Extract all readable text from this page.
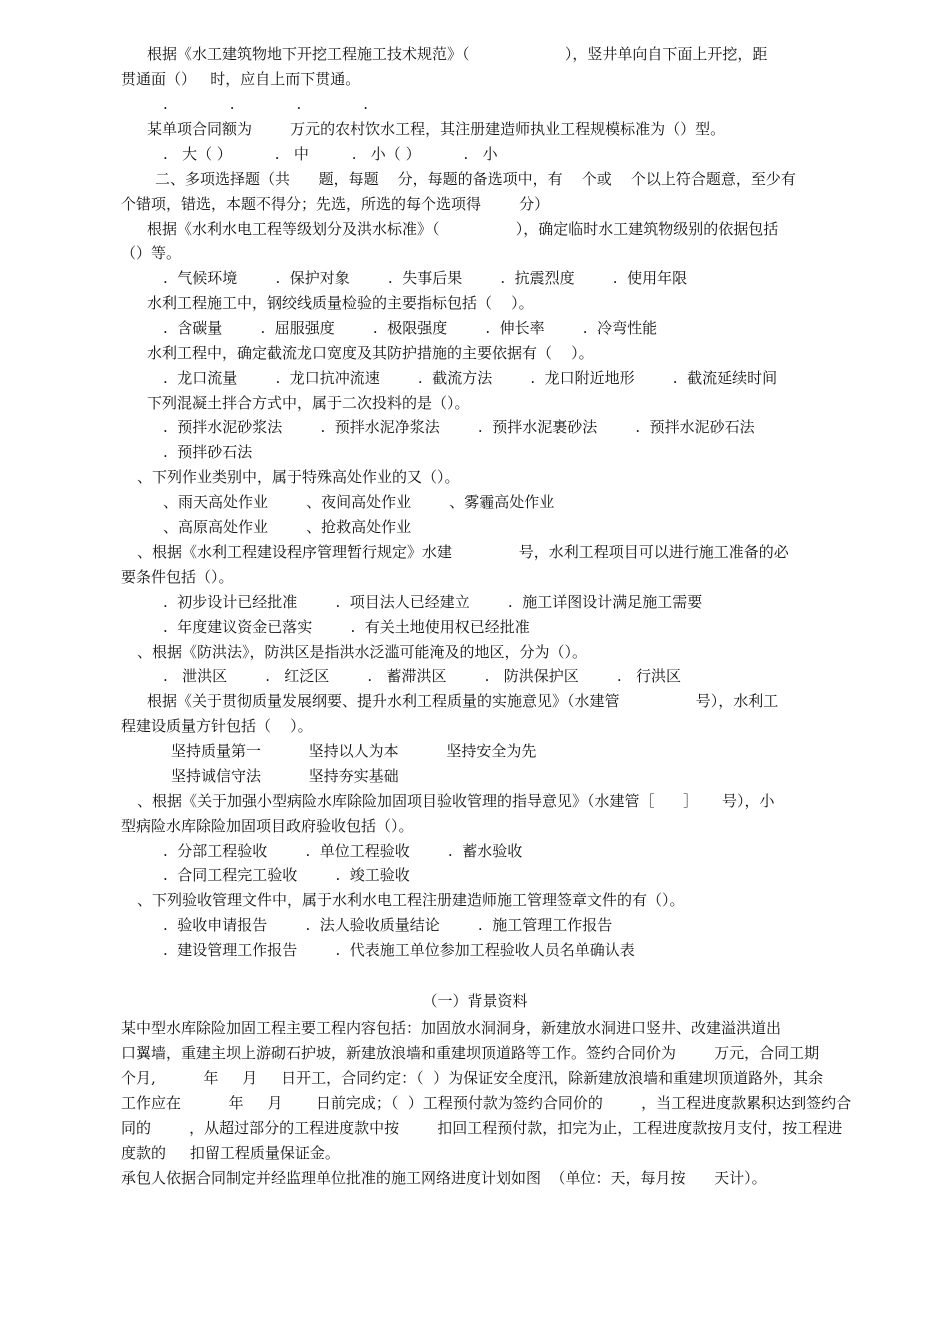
根据《水工建筑物地下开挖工程施工技术规范》（                    ），竖井单向自下面上开挖，距
贯通面（）   时，应自上而下贯通。
.             .             .             .
某单项合同额为        万元的农村饮水工程，其注册建造师执业工程规模标准为（）型。
.   大（ ）         .   中         .   小（ ）         .   小
二、多项选择题（共      题，每题    分，每题的备选项中，有    个或    个以上符合题意，至少有
个错项，错选，本题不得分；先选，所选的每个选项得        分）
根据《水利水电工程等级划分及洪水标准》（                ），确定临时水工建筑物级别的依据包括
（）等。
.  气候环境        .  保护对象        .  失事后果        .  抗震烈度        .  使用年限
水利工程施工中，钢绞线质量检验的主要指标包括（    ）。
.  含碳量        .  屈服强度        .  极限强度        .  伸长率        .  冷弯性能
水利工程中，确定截流龙口宽度及其防护措施的主要依据有（    ）。
.  龙口流量        .  龙口抗冲流速        .  截流方法        .  龙口附近地形        .  截流延续时间
下列混凝土拌合方式中，属于二次投料的是（）。
.  预拌水泥砂浆法        .  预拌水泥净浆法        .  预拌水泥裹砂法        .  预拌水泥砂石法
.  预拌砂石法
、下列作业类别中，属于特殊高处作业的又（）。
、雨天高处作业        、夜间高处作业        、雾霾高处作业
、高原高处作业        、抢救高处作业
、根据《水利工程建设程序管理暂行规定》水建              号，水利工程项目可以进行施工准备的必
要条件包括（）。
.  初步设计已经批准        .  项目法人已经建立        .  施工详图设计满足施工需要
.  年度建议资金已落实        .  有关土地使用权已经批准
、根据《防洪法》，防洪区是指洪水泛滥可能淹及的地区，分为（）。
.   泄洪区        .   红泛区        .   蓄滞洪区        .   防洪保护区        .   行洪区
根据《关于贯彻质量发展纲要、提升水利工程质量的实施意见》（水建管                号），水利工
程建设质量方针包括（    ）。
坚持质量第一          坚持以人为本          坚持安全为先
坚持诚信守法          坚持夯实基础
、根据《关于加强小型病险水库除险加固项目验收管理的指导意见》（水建管［      ］     号），小
型病险水库除险加固项目政府验收包括（）。
.  分部工程验收        .  单位工程验收        .  蓄水验收
.  合同工程完工验收        .  竣工验收
、下列验收管理文件中，属于水利水电工程注册建造师施工管理签章文件的有（）。
.  验收申请报告        .  法人验收质量结论        .  施工管理工作报告
.  建设管理工作报告        .  代表施工单位参加工程验收人员名单确认表
某中型水库除险加固工程主要工程内容包括：加固放水洞洞身，新建放水洞进口竖井、改建溢洪道出
口翼墙，重建主坝上游砌石护坡，新建放浪墙和重建坝顶道路等工作。签约合同价为        万元，合同工期
个月,          年     月     日开工，合同约定：（  ）为保证安全度汛，除新建放浪墙和重建坝顶道路外，其余
工作应在          年     月       日前完成；（  ）工程预付款为签约合同价的        ，当工程进度款累积达到签约合
同的        ，从超过部分的工程进度款中按        扣回工程预付款，扣完为止，工程进度款按月支付，按工程进
度款的     扣留工程质量保证金。
承包人依据合同制定并经监理单位批准的施工网络进度计划如图  （单位：天，每月按      天计）。
（一）背景资料
